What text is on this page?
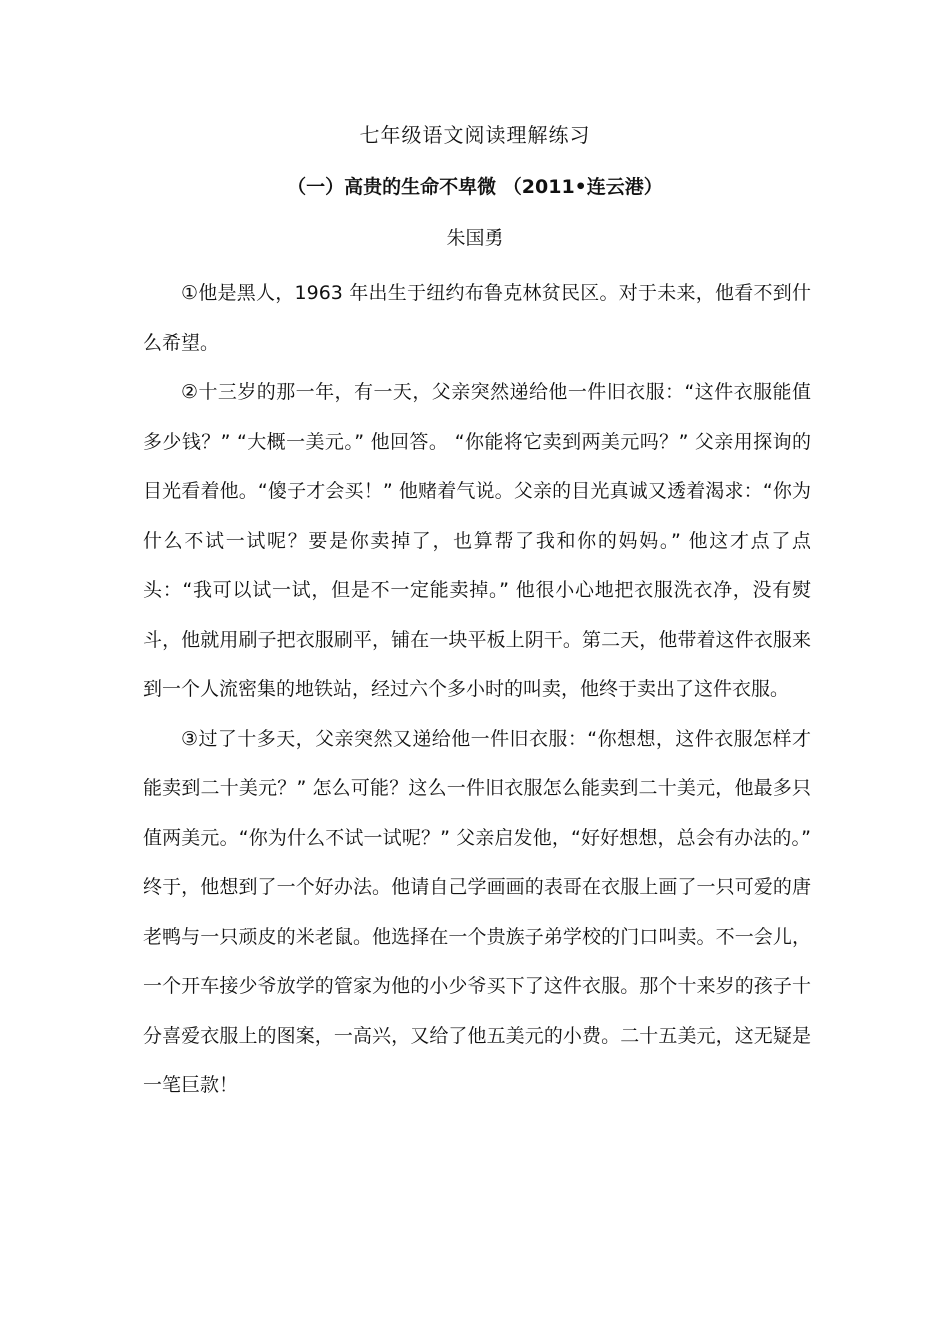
七年级语文阅读理解练习
（一）高贵的生命不卑微 （2011•连云港）
朱国勇

①他是黑人，1963 年出生于纽约布鲁克林贫民区。对于未来，他看不到什么希望。

②十三岁的那一年，有一天，父亲突然递给他一件旧衣服：“这件衣服能值多少钱？” “大概一美元。” 他回答。 “你能将它卖到两美元吗？” 父亲用探询的目光看着他。“傻子才会买！” 他赌着气说。父亲的目光真诚又透着渴求：“你为什么不试一试呢？要是你卖掉了，也算帮了我和你的妈妈。” 他这才点了点头：“我可以试一试，但是不一定能卖掉。” 他很小心地把衣服洗衣净，没有熨斗，他就用刷子把衣服刷平，铺在一块平板上阴干。第二天，他带着这件衣服来到一个人流密集的地铁站，经过六个多小时的叫卖，他终于卖出了这件衣服。

③过了十多天，父亲突然又递给他一件旧衣服：“你想想，这件衣服怎样才能卖到二十美元？” 怎么可能？这么一件旧衣服怎么能卖到二十美元，他最多只值两美元。“你为什么不试一试呢？” 父亲启发他，“好好想想，总会有办法的。” 终于，他想到了一个好办法。他请自己学画画的表哥在衣服上画了一只可爱的唐老鸭与一只顽皮的米老鼠。他选择在一个贵族子弟学校的门口叫卖。不一会儿，一个开车接少爷放学的管家为他的小少爷买下了这件衣服。那个十来岁的孩子十分喜爱衣服上的图案，一高兴，又给了他五美元的小费。二十五美元，这无疑是一笔巨款！
